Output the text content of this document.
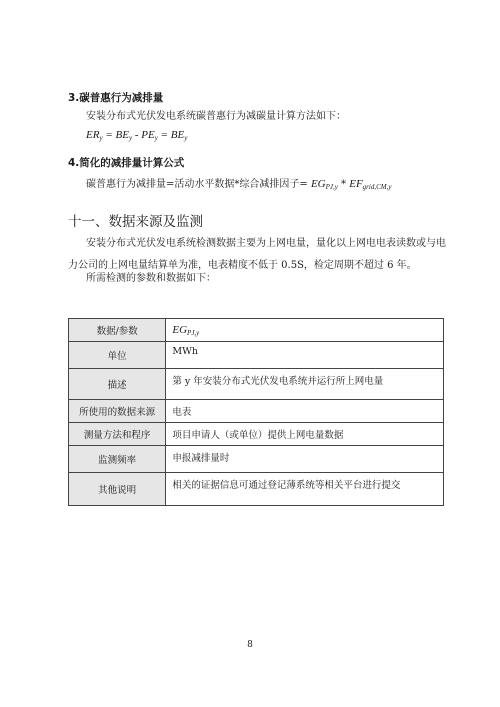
3.碳普惠行为减排量
安装分布式光伏发电系统碳普惠行为减碳量计算方法如下：
$ER_y = BE_y - PE_y = BE_y$
4.简化的减排量计算公式
碳普惠行为减排量=活动水平数据*综合减排因子= $EG_{PJ,y} * EF_{grid,CM,y}$
十一、数据来源及监测
安装分布式光伏发电系统检测数据主要为上网电量，量化以上网电电表读数或与电力公司的上网电量结算单为准，电表精度不低于 0.5S，检定周期不超过 6 年。
所需检测的参数和数据如下：
数据/参数	$EG_{PJ,y}$
单位	MWh
描述	第 y 年安装分布式光伏发电系统并运行所上网电量
所使用的数据来源	电表
测量方法和程序	项目申请人（或单位）提供上网电量数据
监测频率	申报减排量时
其他说明	相关的证据信息可通过登记薄系统等相关平台进行提交
8
